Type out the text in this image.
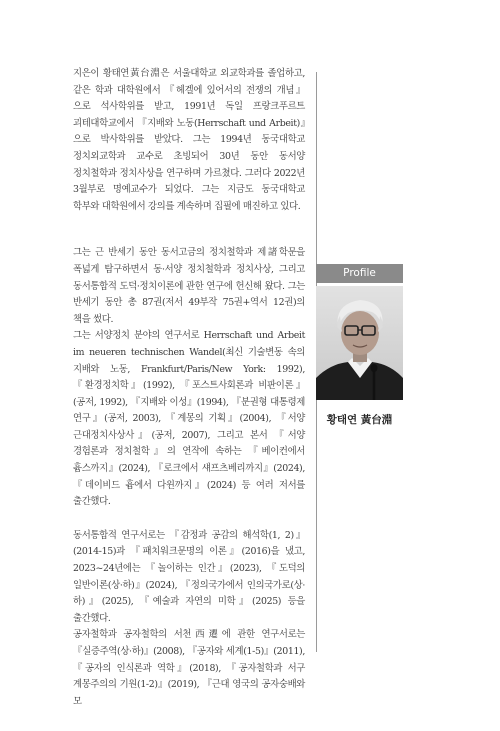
지은이 황태연黃台淵은 서울대학교 외교학과를 졸업하고, 같은 학과 대학원에서 『헤겔에 있어서의 전쟁의 개념』으로 석사학위를 받고, 1991년 독일 프랑크푸르트 괴테대학교에서 『지배와 노동(Herrschaft und Arbeit)』으로 박사학위를 받았다. 그는 1994년 동국대학교 정치외교학과 교수로 초빙되어 30년 동안 동서양 정치철학과 정치사상을 연구하며 가르쳤다. 그러다 2022년 3월부로 명예교수가 되었다. 그는 지금도 동국대학교 학부와 대학원에서 강의를 계속하며 집필에 매진하고 있다.

그는 근 반세기 동안 동서고금의 정치철학과 제諸학문을 폭넓게 탐구하면서 동·서양 정치철학과 정치사상, 그리고 동서통합적 도덕·정치이론에 관한 연구에 헌신해 왔다. 그는 반세기 동안 총 87권(저서 49부작 75권+역서 12권)의 책을 썼다.

그는 서양정치 분야의 연구서로 Herrschaft und Arbeit im neueren technischen Wandel(최신 기술변동 속의 지배와 노동, Frankfurt/Paris/New York: 1992), 『환경정치학』(1992), 『포스트사회론과 비판이론』(공저, 1992), 『지배와 이성』(1994), 『분권형 대통령제 연구』(공저, 2003), 『계몽의 기획』(2004), 『서양 근대정치사상사』(공저, 2007), 그리고 본서 『서양 경험론과 정치철학』의 연작에 속하는 『베이컨에서 흄스까지』(2024), 『로크에서 섀프츠베리까지』(2024), 『데이비드 흄에서 다윈까지』(2024) 등 여러 저서를 출간했다.

동서통합적 연구서로는 『감정과 공감의 해석학(1, 2)』(2014-15)과 『패치워크문명의 이론』(2016)을 냈고, 2023~24년에는 『놀이하는 인간』(2023), 『도덕의 일반이론(상·하)』(2024), 『정의국가에서 인의국가로(상·하)』(2025), 『예술과 자연의 미학』(2025) 등을 출간했다.

공자철학과 공자철학의 서천西遷에 관한 연구서로는 『실증주역(상·하)』(2008), 『공자와 세계(1-5)』(2011), 『공자의 인식론과 역학』(2018), 『공자철학과 서구 계몽주의의 기원(1-2)』(2019), 『근대 영국의 공자숭배와 모

Profile
황태연 黃台淵
